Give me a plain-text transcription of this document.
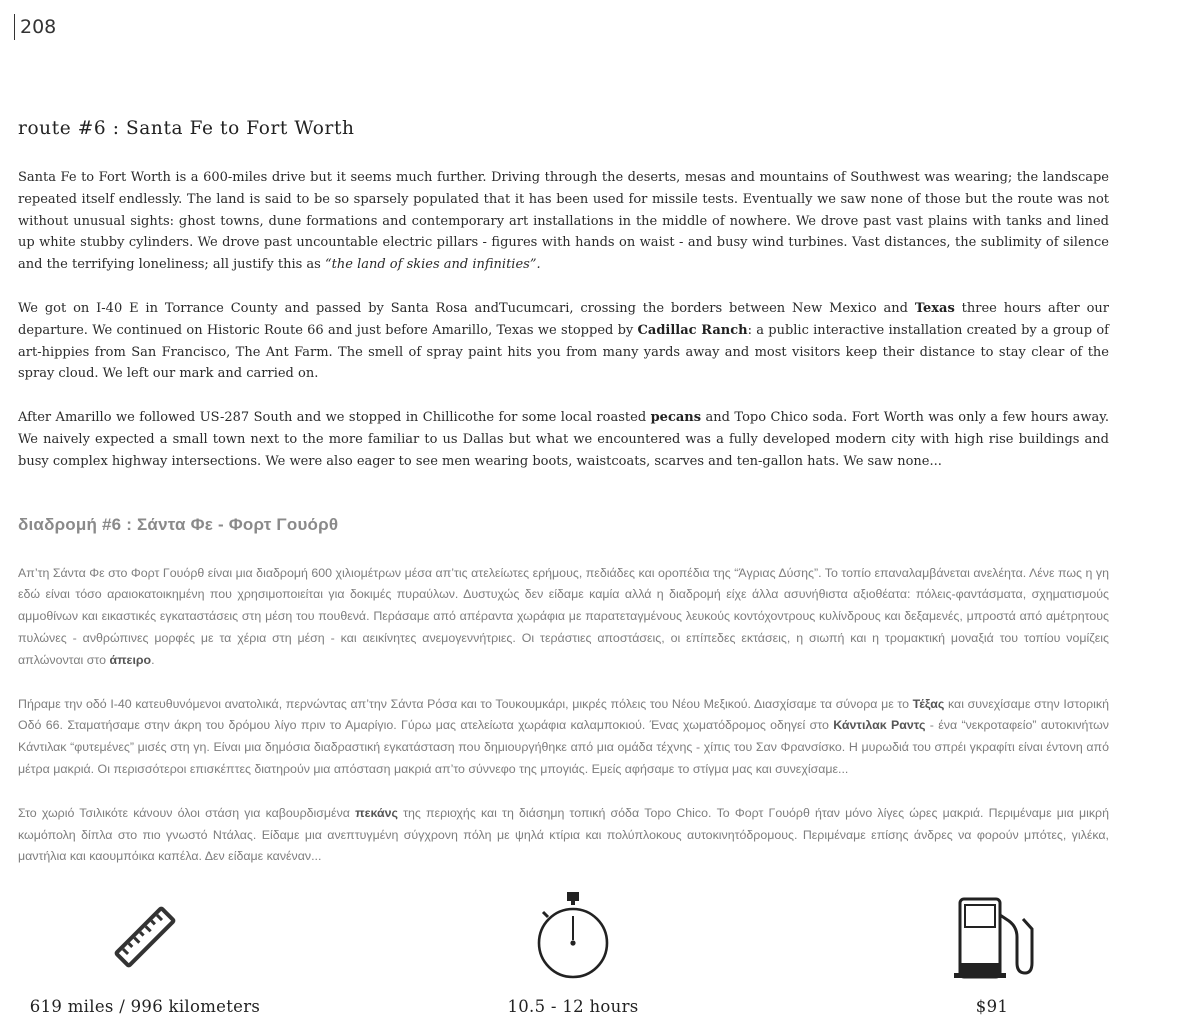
208
route #6 : Santa Fe to Fort Worth

Santa Fe to Fort Worth is a 600-miles drive but it seems much further. Driving through the deserts, mesas and mountains of Southwest was wearing; the landscape repeated itself endlessly. The land is said to be so sparsely populated that it has been used for missile tests. Eventually we saw none of those but the route was not without unusual sights: ghost towns, dune formations and contemporary art installations in the middle of nowhere. We drove past vast plains with tanks and lined up white stubby cylinders. We drove past uncountable electric pillars - figures with hands on waist - and busy wind turbines. Vast distances, the sublimity of silence and the terrifying loneliness; all justify this as “the land of skies and infinities”.

We got on I-40 E in Torrance County and passed by Santa Rosa andTucumcari, crossing the borders between New Mexico and Texas three hours after our departure. We continued on Historic Route 66 and just before Amarillo, Texas we stopped by Cadillac Ranch: a public interactive installation created by a group of art-hippies from San Francisco, The Ant Farm. The smell of spray paint hits you from many yards away and most visitors keep their distance to stay clear of the spray cloud. We left our mark and carried on.

After Amarillo we followed US-287 South and we stopped in Chillicothe for some local roasted pecans and Topo Chico soda. Fort Worth was only a few hours away. We naively expected a small town next to the more familiar to us Dallas but what we encountered was a fully developed modern city with high rise buildings and busy complex highway intersections. We were also eager to see men wearing boots, waistcoats, scarves and ten-gallon hats. We saw none...

διαδρομή #6 : Σάντα Φε - Φορτ Γουόρθ

Απ’τη Σάντα Φε στο Φορτ Γουόρθ είναι μια διαδρομή 600 χιλιομέτρων μέσα απ’τις ατελείωτες ερήμους, πεδιάδες και οροπέδια της “Άγριας Δύσης”. Το τοπίο επαναλαμβάνεται ανελέητα. Λένε πως η γη εδώ είναι τόσο αραιοκατοικημένη που χρησιμοποιείται για δοκιμές πυραύλων. Δυστυχώς δεν είδαμε καμία αλλά η διαδρομή είχε άλλα ασυνήθιστα αξιοθέατα: πόλεις-φαντάσματα, σχηματισμούς αμμοθίνων και εικαστικές εγκαταστάσεις στη μέση του πουθενά. Περάσαμε από απέραντα χωράφια με παρατεταγμένους λευκούς κοντόχοντρους κυλίνδρους και δεξαμενές, μπροστά από αμέτρητους πυλώνες - ανθρώπινες μορφές με τα χέρια στη μέση - και αεικίνητες ανεμογεννήτριες. Οι τεράστιες αποστάσεις, οι επίπεδες εκτάσεις, η σιωπή και η τρομακτική μοναξιά του τοπίου νομίζεις απλώνονται στο άπειρο.

Πήραμε την οδό I-40 κατευθυνόμενοι ανατολικά, περνώντας απ’την Σάντα Ρόσα και το Τουκουμκάρι, μικρές πόλεις του Νέου Μεξικού. Διασχίσαμε τα σύνορα με το Τέξας και συνεχίσαμε στην Ιστορική Οδό 66. Σταματήσαμε στην άκρη του δρόμου λίγο πριν το Αμαρίγιο. Γύρω μας ατελείωτα χωράφια καλαμποκιού. Ένας χωματόδρομος οδηγεί στο Κάντιλακ Ραντς - ένα “νεκροταφείο” αυτοκινήτων Κάντιλακ “φυτεμένες” μισές στη γη. Είναι μια δημόσια διαδραστική εγκατάσταση που δημιουργήθηκε από μια ομάδα τέχνης - χίπις του Σαν Φρανσίσκο. Η μυρωδιά του σπρέι γκραφίτι είναι έντονη από μέτρα μακριά. Οι περισσότεροι επισκέπτες διατηρούν μια απόσταση μακριά απ’το σύννεφο της μπογιάς. Εμείς αφήσαμε το στίγμα μας και συνεχίσαμε...

Στο χωριό Τσιλικότε κάνουν όλοι στάση για καβουρδισμένα πεκάνς της περιοχής και τη διάσημη τοπική σόδα Topo Chico. Το Φορτ Γουόρθ ήταν μόνο λίγες ώρες μακριά. Περιμέναμε μια μικρή κωμόπολη δίπλα στο πιο γνωστό Ντάλας. Είδαμε μια ανεπτυγμένη σύγχρονη πόλη με ψηλά κτίρια και πολύπλοκους αυτοκινητόδρομους. Περιμέναμε επίσης άνδρες να φορούν μπότες, γιλέκα, μαντήλια και καουμπόικα καπέλα. Δεν είδαμε κανέναν...

619 miles / 996 kilometers	10.5 - 12 hours	$91
